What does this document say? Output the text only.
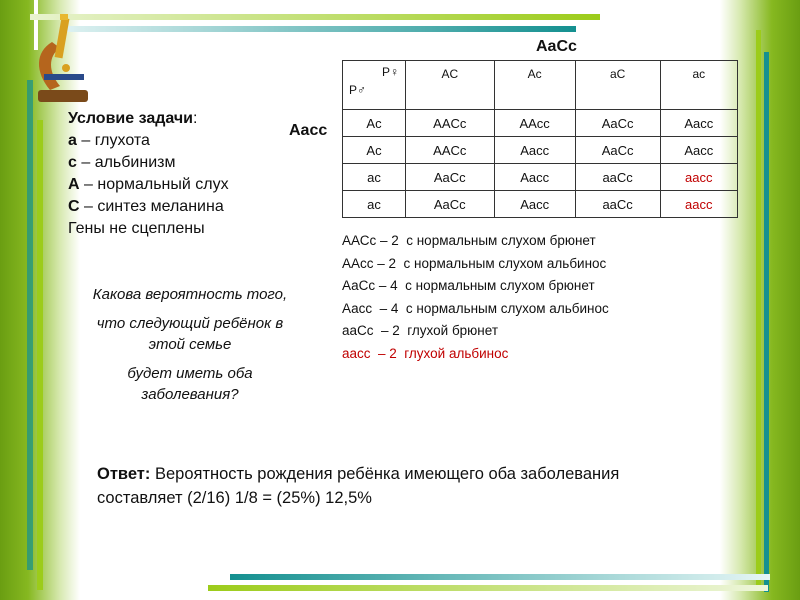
AaCc
Aacc
P♀
P♂	AC	Ac	aC	ac
Ac	AACc	AAcc	AaCc	Aacc
Ac	AACc	Aacc	AaCc	Aacc
ac	AaCc	Aacc	aaCc	aacc
ac	AaCc	Aacc	aaCc	aacc
Условие задачи:
а – глухота
с – альбинизм
А – нормальный слух
С – синтез меланина
Гены не сцеплены
Какова вероятность того,
что следующий ребёнок в этой семье
будет иметь оба заболевания?
ААСс – 2  с нормальным слухом брюнет
ААсс – 2  с нормальным слухом альбинос
АаСс – 4  с нормальным слухом брюнет
Аасс  – 4  с нормальным слухом альбинос
ааСс  – 2  глухой брюнет
аасс  – 2  глухой альбинос
Ответ: Вероятность рождения ребёнка имеющего оба заболевания
составляет (2/16) 1/8 = (25%) 12,5%
